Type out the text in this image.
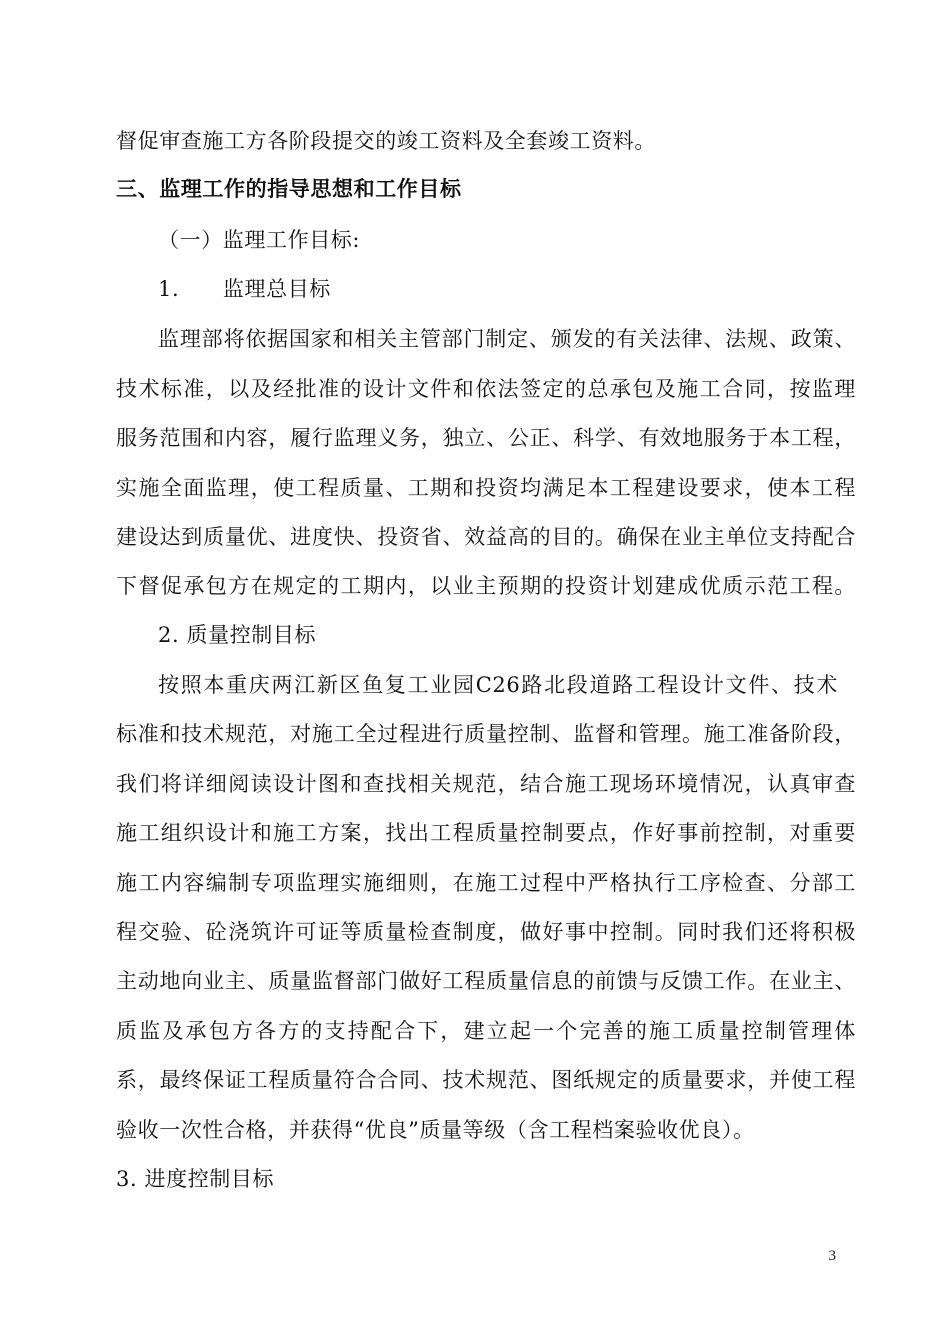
督促审查施工方各阶段提交的竣工资料及全套竣工资料。
三、监理工作的指导思想和工作目标
（一）监理工作目标:
1.      监理总目标
监理部将依据国家和相关主管部门制定、颁发的有关法律、法规、政策、
技术标准，以及经批准的设计文件和依法签定的总承包及施工合同，按监理
服务范围和内容，履行监理义务，独立、公正、科学、有效地服务于本工程，
实施全面监理，使工程质量、工期和投资均满足本工程建设要求，使本工程
建设达到质量优、进度快、投资省、效益高的目的。确保在业主单位支持配合
下督促承包方在规定的工期内，以业主预期的投资计划建成优质示范工程。
2. 质量控制目标
按照本重庆两江新区鱼复工业园C26路北段道路工程设计文件、技术
标准和技术规范，对施工全过程进行质量控制、监督和管理。施工准备阶段，
我们将详细阅读设计图和查找相关规范，结合施工现场环境情况，认真审查
施工组织设计和施工方案，找出工程质量控制要点，作好事前控制，对重要
施工内容编制专项监理实施细则，在施工过程中严格执行工序检查、分部工
程交验、砼浇筑许可证等质量检查制度，做好事中控制。同时我们还将积极
主动地向业主、质量监督部门做好工程质量信息的前馈与反馈工作。在业主、
质监及承包方各方的支持配合下，建立起一个完善的施工质量控制管理体
系，最终保证工程质量符合合同、技术规范、图纸规定的质量要求，并使工程
验收一次性合格，并获得“优良”质量等级（含工程档案验收优良）。
3. 进度控制目标
3
